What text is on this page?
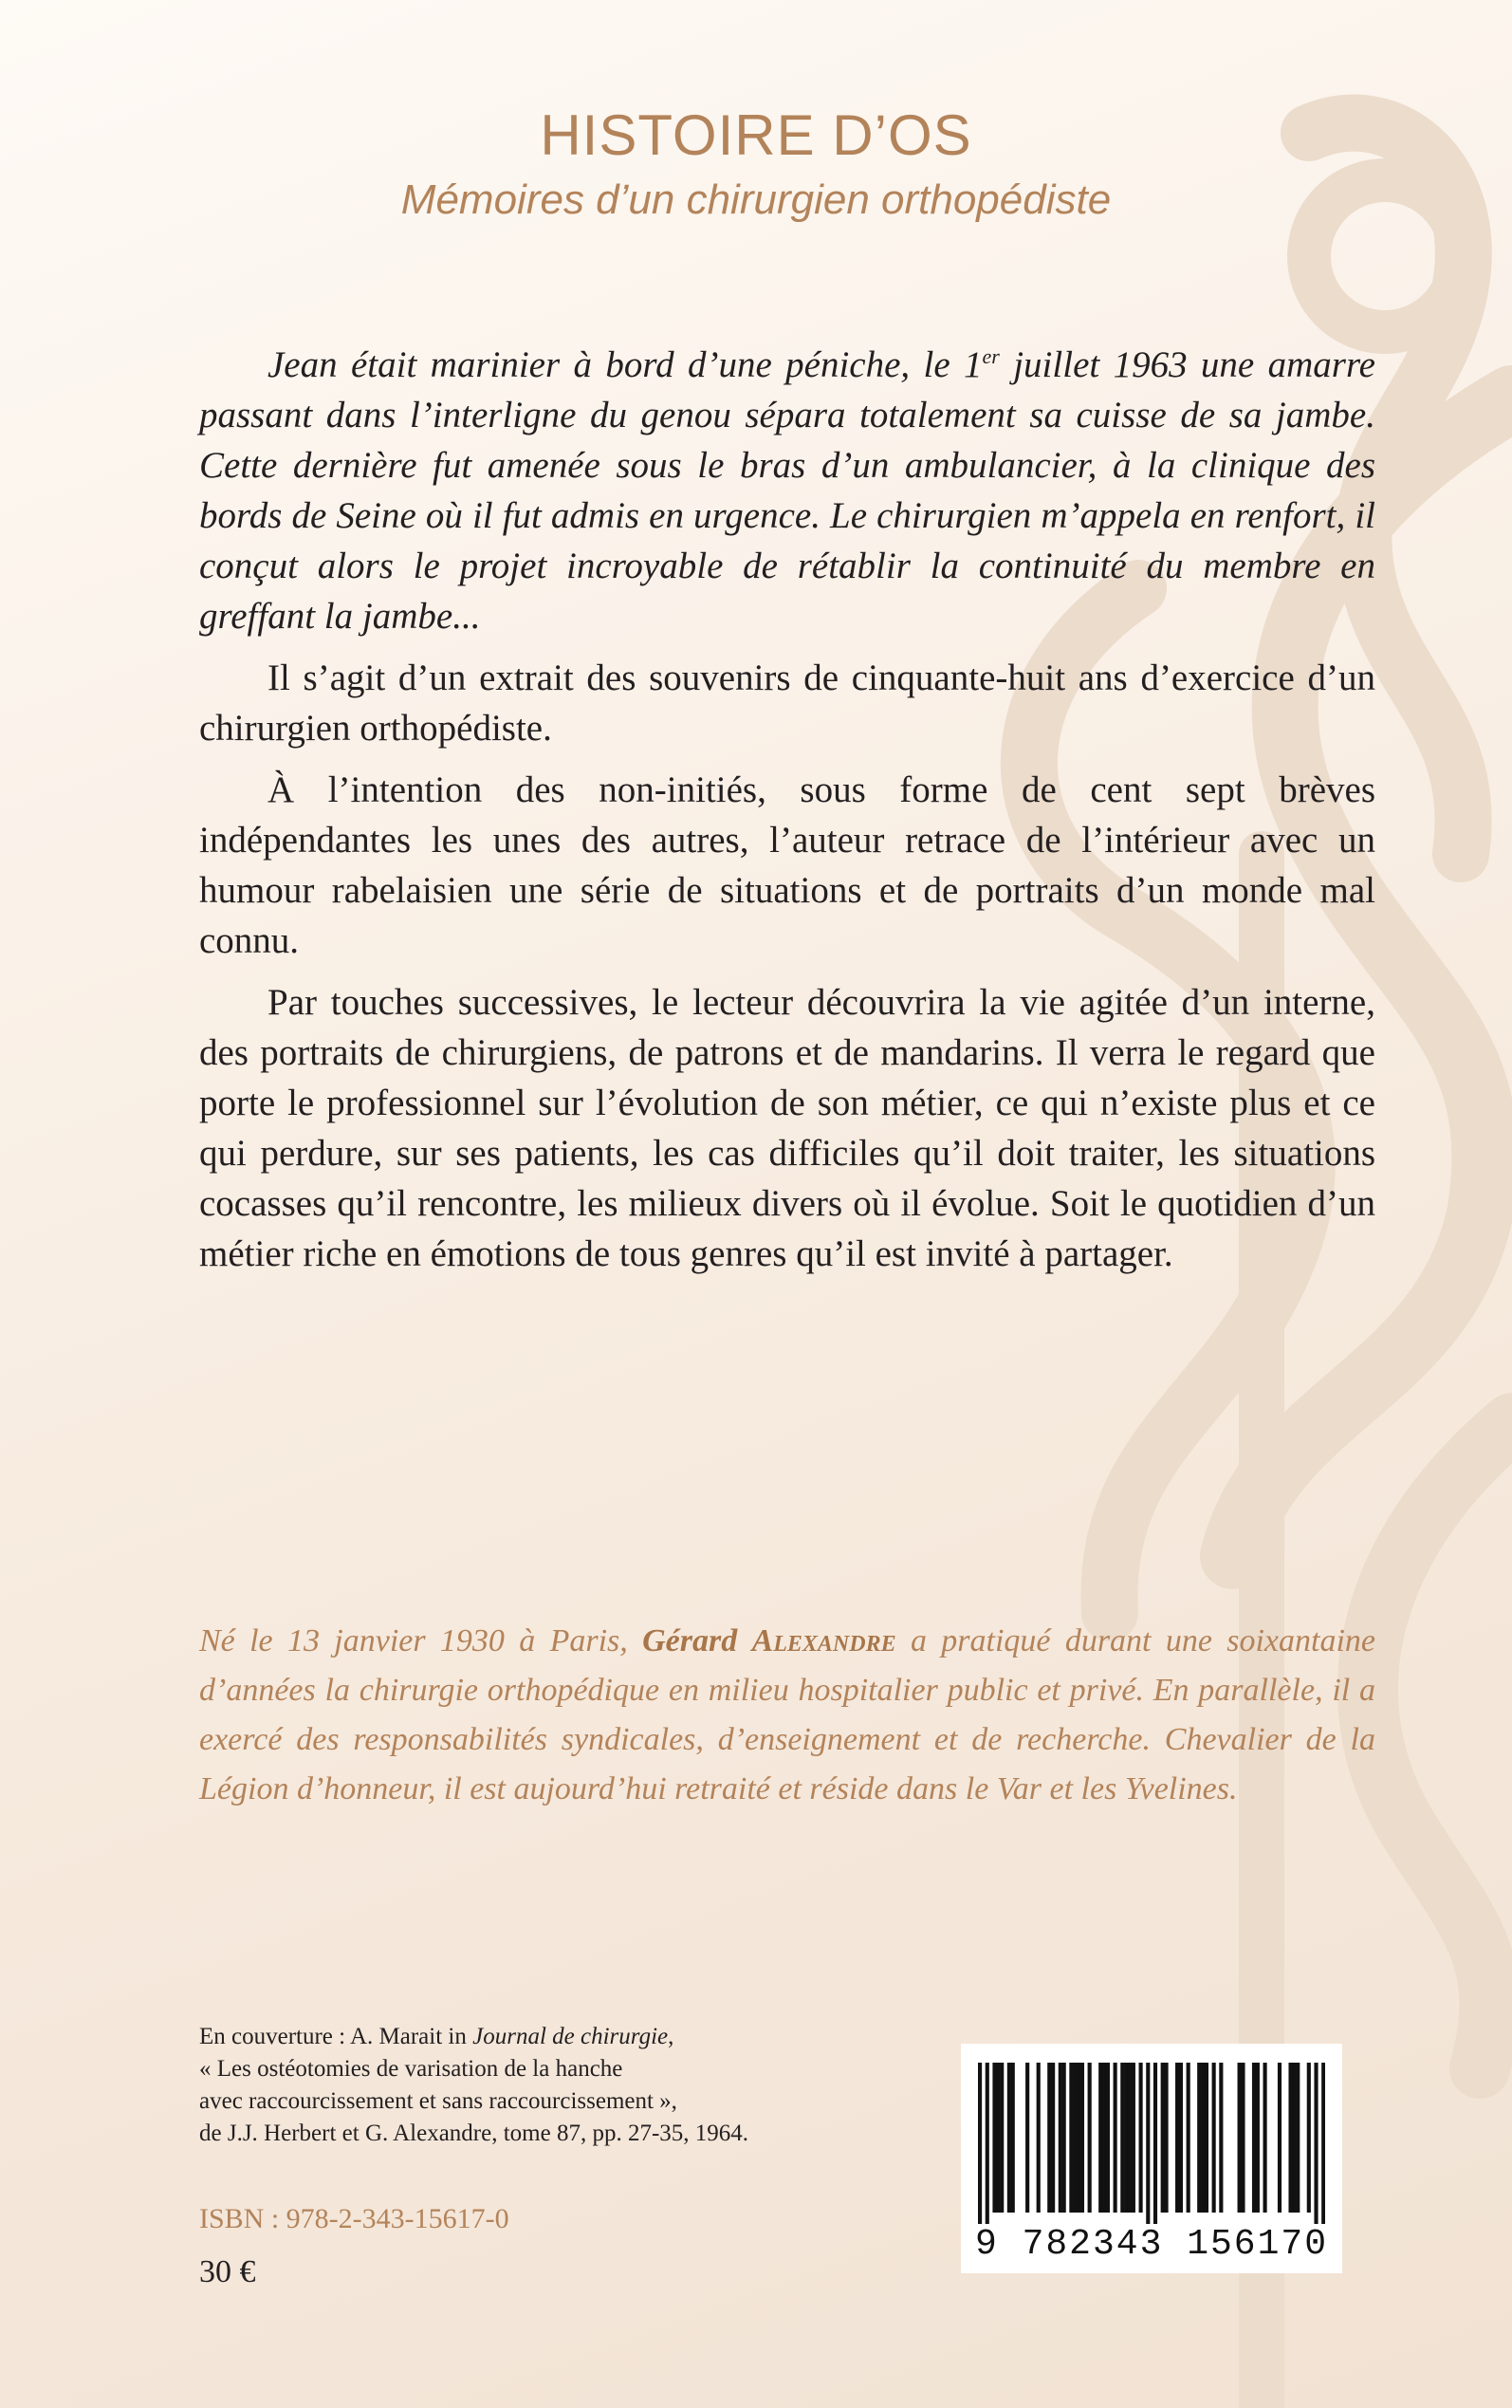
HISTOIRE D’OS
Mémoires d’un chirurgien orthopédiste

Jean était marinier à bord d’une péniche, le 1er juillet 1963 une amarre passant dans l’interligne du genou sépara totalement sa cuisse de sa jambe. Cette dernière fut amenée sous le bras d’un ambulancier, à la clinique des bords de Seine où il fut admis en urgence. Le chirurgien m’appela en renfort, il conçut alors le projet incroyable de rétablir la continuité du membre en greffant la jambe...

Il s’agit d’un extrait des souvenirs de cinquante-huit ans d’exercice d’un chirurgien orthopédiste.

À l’intention des non-initiés, sous forme de cent sept brèves indépendantes les unes des autres, l’auteur retrace de l’intérieur avec un humour rabelaisien une série de situations et de portraits d’un monde mal connu.

Par touches successives, le lecteur découvrira la vie agitée d’un interne, des portraits de chirurgiens, de patrons et de mandarins. Il verra le regard que porte le professionnel sur l’évolution de son métier, ce qui n’existe plus et ce qui perdure, sur ses patients, les cas difficiles qu’il doit traiter, les situations cocasses qu’il rencontre, les milieux divers où il évolue. Soit le quotidien d’un métier riche en émotions de tous genres qu’il est invité à partager.

Né le 13 janvier 1930 à Paris, Gérard Alexandre a pratiqué durant une soixantaine d’années la chirurgie orthopédique en milieu hospitalier public et privé. En parallèle, il a exercé des responsabilités syndicales, d’enseignement et de recherche. Chevalier de la Légion d’honneur, il est aujourd’hui retraité et réside dans le Var et les Yvelines.

En couverture : A. Marait in Journal de chirurgie,
« Les ostéotomies de varisation de la hanche
avec raccourcissement et sans raccourcissement »,
de J.J. Herbert et G. Alexandre, tome 87, pp. 27-35, 1964.
ISBN : 978-2-343-15617-0
30 €
9 782343 156170
